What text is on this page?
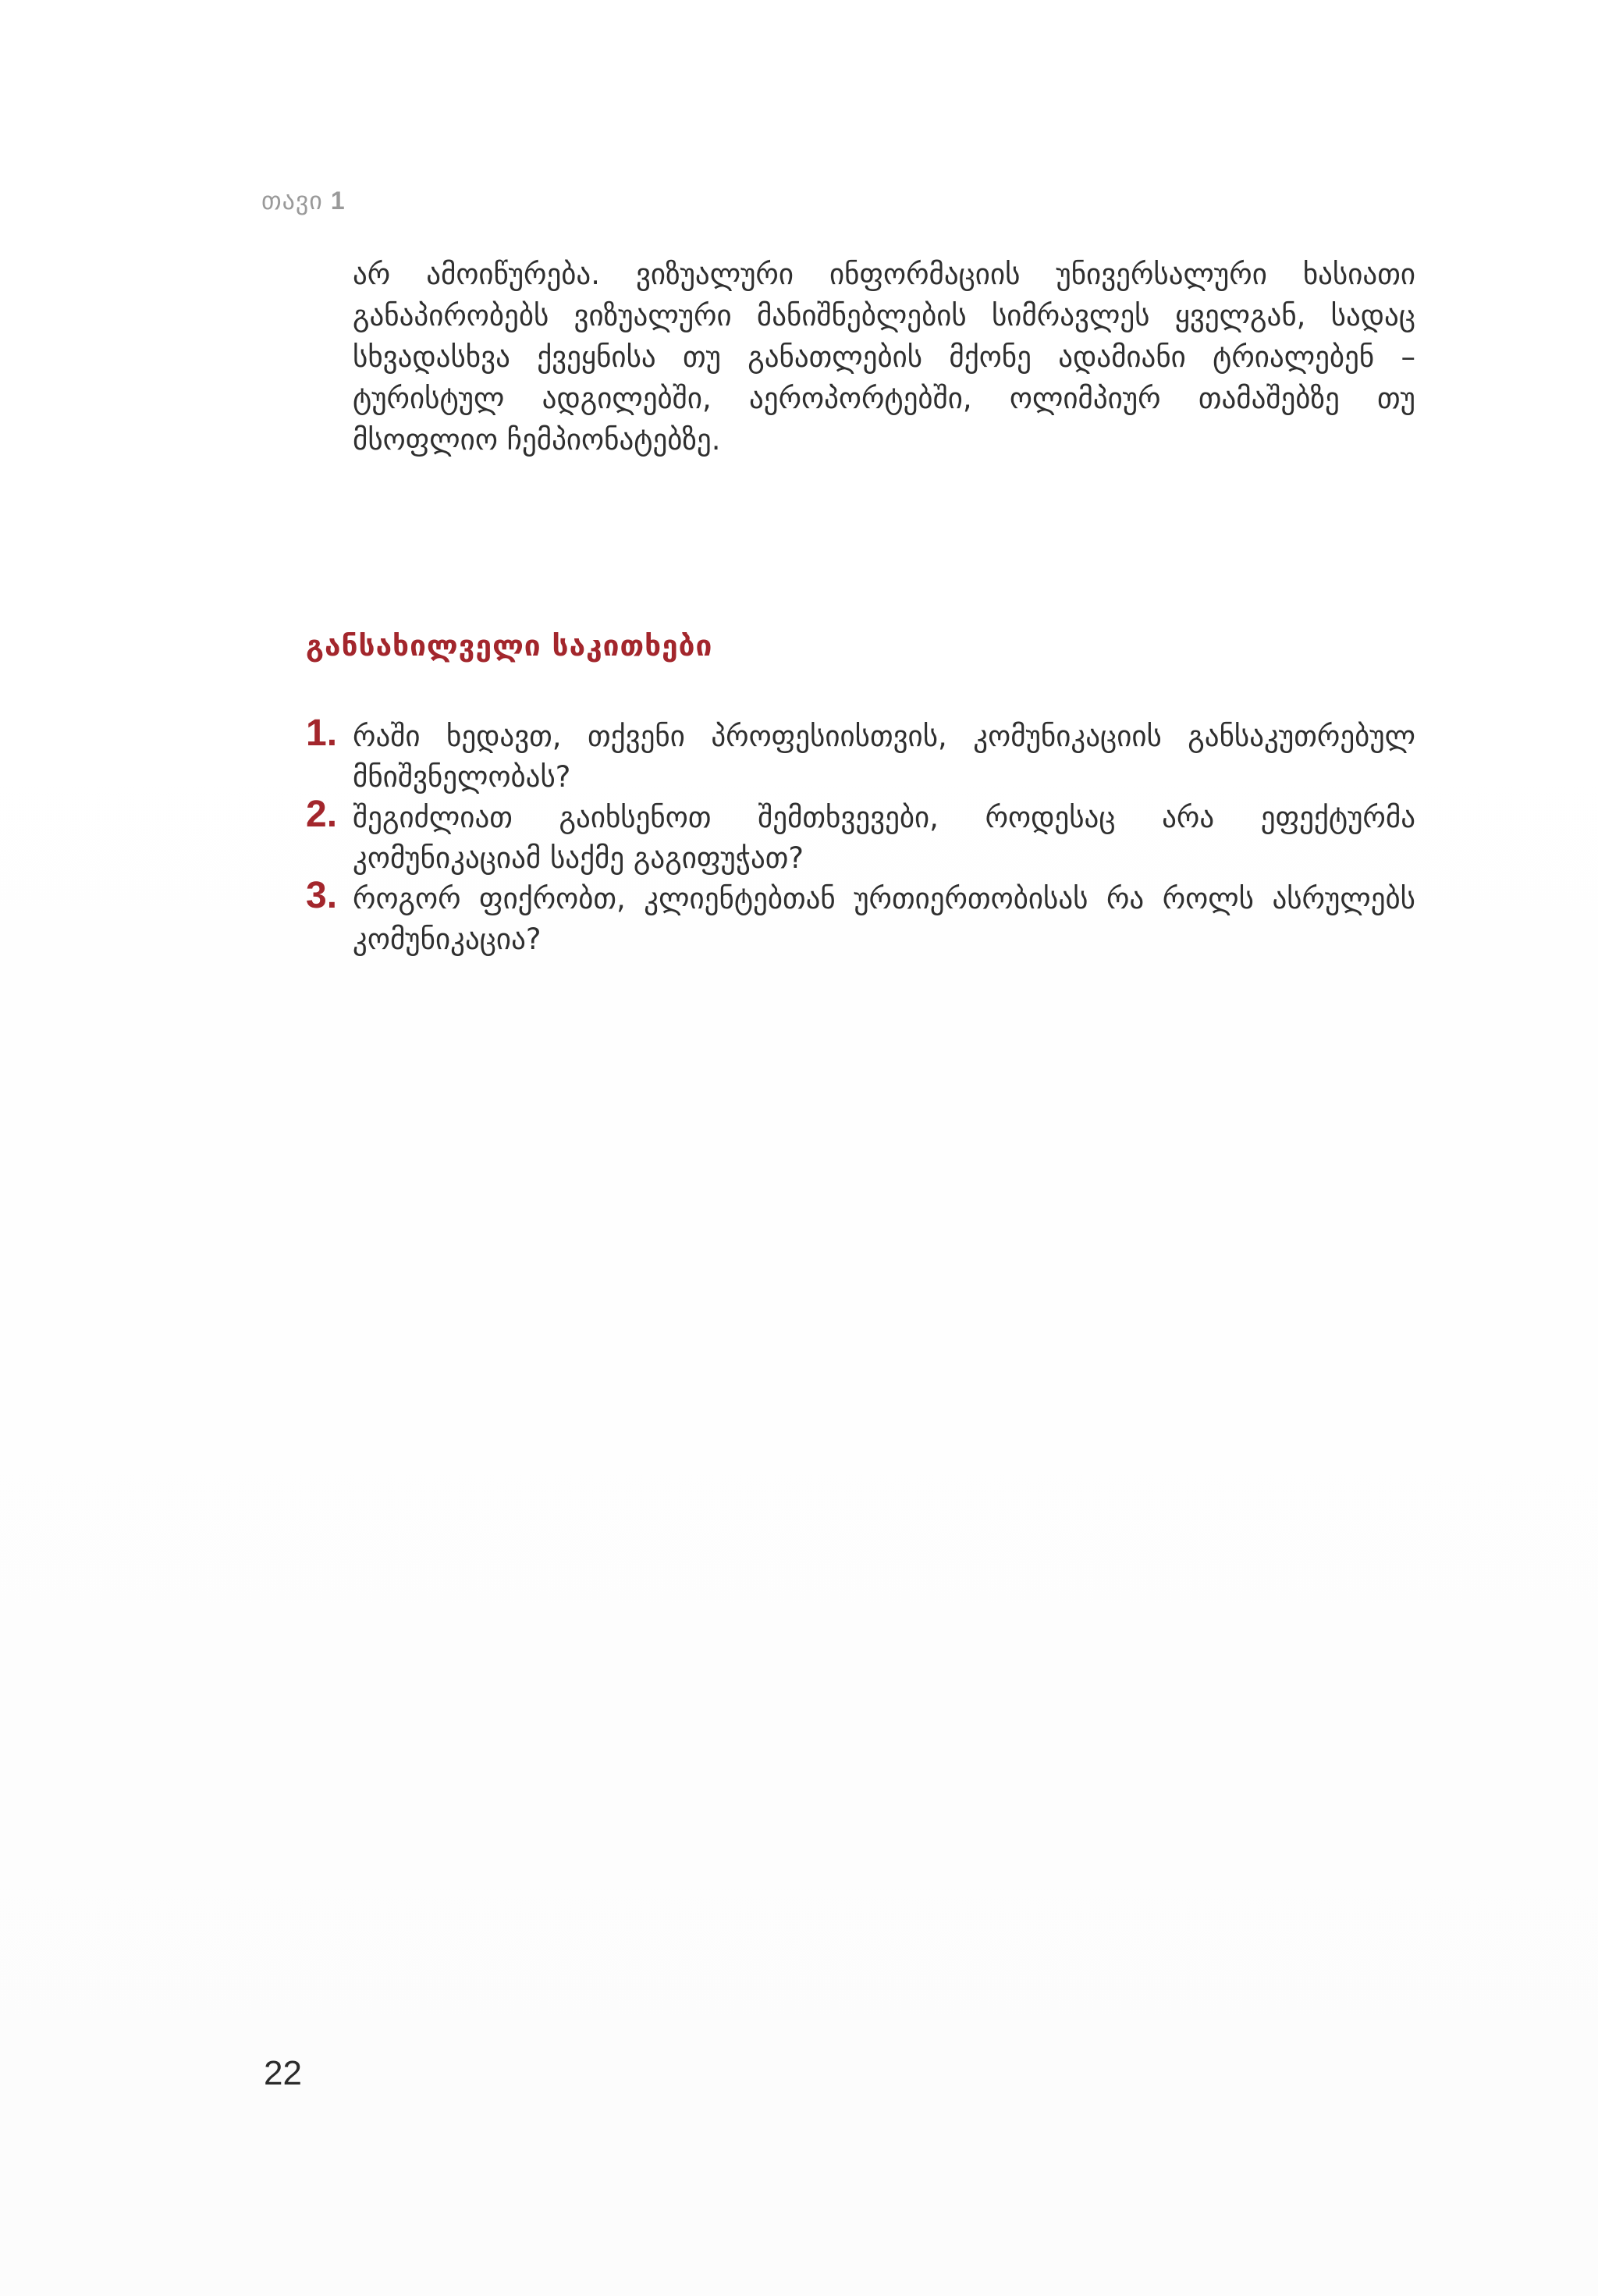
თავი 1

არ ამოიწურება. ვიზუალური ინფორმაციის უნივერსალური ხასიათი განაპირობებს ვიზუალური მანიშნებლების სიმრავლეს ყველგან, სადაც სხვადასხვა ქვეყნისა თუ განათლების მქონე ადამიანი ტრიალებენ – ტურისტულ ადგილებში, აეროპორტებში, ოლიმპიურ თამაშებზე თუ მსოფლიო ჩემპიონატებზე.

განსახილველი საკითხები
1. რაში ხედავთ, თქვენი პროფესიისთვის, კომუნიკაციის განსაკუთრებულ მნიშვნელობას?
2. შეგიძლიათ გაიხსენოთ შემთხვევები, როდესაც არა ეფექტურმა კომუნიკაციამ საქმე გაგიფუჭათ?
3. როგორ ფიქრობთ, კლიენტებთან ურთიერთობისას რა როლს ასრულებს კომუნიკაცია?
22
